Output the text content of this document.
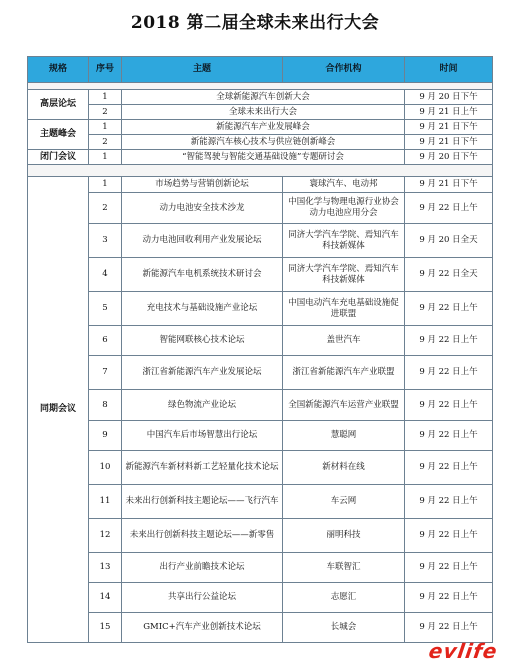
2018 第二届全球未来出行大会
规格	序号	主题	合作机构	时间

高层论坛	1	全球新能源汽车创新大会		9 月 20 日下午
	2	全球未来出行大会		9 月 21 日上午
主题峰会	1	新能源汽车产业发展峰会		9 月 21 日下午
	2	新能源汽车核心技术与供应链创新峰会		9 月 21 日下午
闭门会议	1	“智能驾驶与智能交通基础设施”专题研讨会		9 月 20 日下午

同期会议	1	市场趋势与营销创新论坛	寰球汽车、电动邦	9 月 21 日下午
	2	动力电池安全技术沙龙	中国化学与物理电源行业协会动力电池应用分会	9 月 22 日上午
	3	动力电池回收利用产业发展论坛	同济大学汽车学院、焉知汽车科技新媒体	9 月 20 日全天
	4	新能源汽车电机系统技术研讨会	同济大学汽车学院、焉知汽车科技新媒体	9 月 22 日全天
	5	充电技术与基础设施产业论坛	中国电动汽车充电基础设施促进联盟	9 月 22 日上午
	6	智能网联核心技术论坛	盖世汽车	9 月 22 日上午
	7	浙江省新能源汽车产业发展论坛	浙江省新能源汽车产业联盟	9 月 22 日上午
	8	绿色物流产业论坛	全国新能源汽车运营产业联盟	9 月 22 日上午
	9	中国汽车后市场智慧出行论坛	慧聪网	9 月 22 日上午
	10	新能源汽车新材料新工艺轻量化技术论坛	新材料在线	9 月 22 日上午
	11	未来出行创新科技主题论坛——飞行汽车	车云网	9 月 22 日上午
	12	未来出行创新科技主题论坛——新零售	丽明科技	9 月 22 日上午
	13	出行产业前瞻技术论坛	车联智汇	9 月 22 日上午
	14	共享出行公益论坛	志愿汇	9 月 22 日上午
	15	GMIC+汽车产业创新技术论坛	长城会	9 月 22 日上午
evlife
